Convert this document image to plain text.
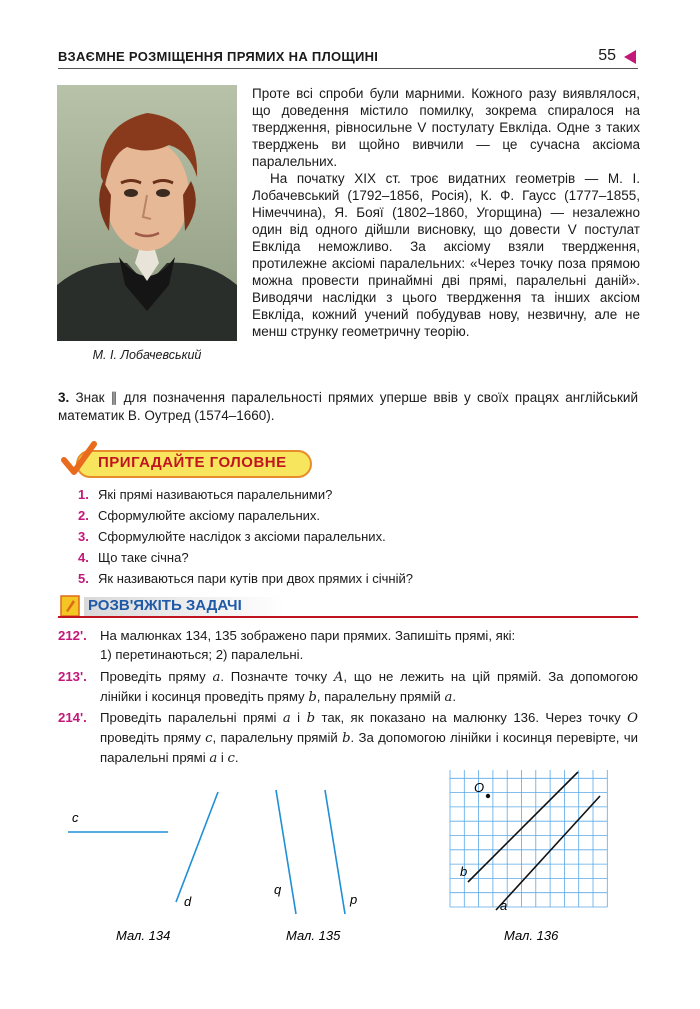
ВЗАЄМНЕ РОЗМІЩЕННЯ ПРЯМИХ НА ПЛОЩИНІ	55
М. І. Лобачевський

Проте всі спроби були марними. Кожного разу виявлялося, що доведення містило помилку, зокрема спиралося на твердження, рівносильне V постулату Евкліда. Одне з таких тверджень ви щойно вивчили — це сучасна аксіома паралельних.

На початку XIX ст. троє видатних геометрів — М. І. Лобачевський (1792–1856, Росія), К. Ф. Гаусс (1777–1855, Німеччина), Я. Бояї (1802–1860, Угорщина) — незалежно один від одного дійшли висновку, що довести V постулат Евкліда неможливо. За аксіому взяли твердження, протилежне аксіомі паралельних: «Через точку поза прямою можна провести принаймні дві прямі, паралельні даній». Виводячи наслідки з цього твердження та інших аксіом Евкліда, кожний учений побудував нову, незвичну, але не менш струнку геометричну теорію.

3. Знак ∥ для позначення паралельності прямих уперше ввів у своїх працях англійський математик В. Оутред (1574–1660).

ПРИГАДАЙТЕ ГОЛОВНЕ
1. Які прямі називаються паралельними?
2. Сформулюйте аксіому паралельних.
3. Сформулюйте наслідок з аксіоми паралельних.
4. Що таке січна?
5. Як називаються пари кутів при двох прямих і січній?
РОЗВ'ЯЖІТЬ ЗАДАЧІ
212'. На малюнках 134, 135 зображено пари прямих. Запишіть прямі, які:
1) перетинаються; 2) паралельні.
213'. Проведіть пряму a. Позначте точку A, що не лежить на цій прямій. За допомогою лінійки і косинця проведіть пряму b, паралельну прямій a.
214'. Проведіть паралельні прямі a і b так, як показано на малюнку 136. Через точку O проведіть пряму c, паралельну прямій b. За допомогою лінійки і косинця перевірте, чи паралельні прямі a і c.
c
d
Мал. 134
q
p
Мал. 135
O
b
a
Мал. 136
